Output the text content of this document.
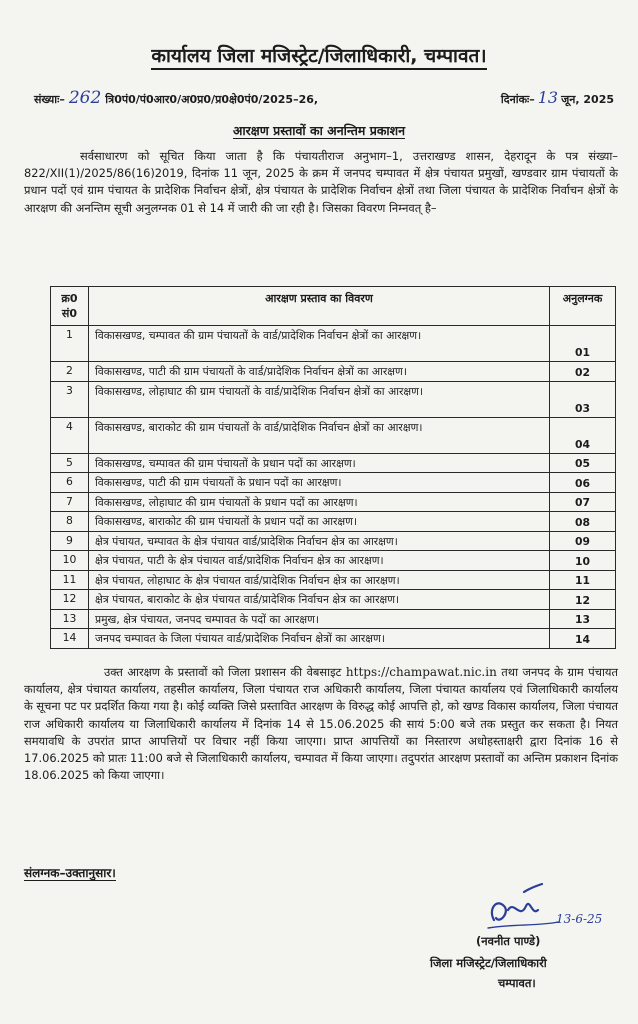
कार्यालय जिला मजिस्ट्रेट/जिलाधिकारी, चम्पावत।
संख्याः– 262 त्रि0पं0/पं0आर0/अ0प्र0/प्र0क्षे0पं0/2025–26,	दिनांकः– 13 जून, 2025
आरक्षण प्रस्तावों का अनन्तिम प्रकाशन

सर्वसाधारण को सूचित किया जाता है कि पंचायतीराज अनुभाग–1, उत्तराखण्ड शासन, देहरादून के पत्र संख्या–822/XII(1)/2025/86(16)2019, दिनांक 11 जून, 2025 के क्रम में जनपद चम्पावत में क्षेत्र पंचायत प्रमुखों, खण्डवार ग्राम पंचायतों के प्रधान पदों एवं ग्राम पंचायत के प्रादेशिक निर्वाचन क्षेत्रों, क्षेत्र पंचायत के प्रादेशिक निर्वाचन क्षेत्रों तथा जिला पंचायत के प्रादेशिक निर्वाचन क्षेत्रों के आरक्षण की अनन्तिम सूची अनुलग्नक 01 से 14 में जारी की जा रही है। जिसका विवरण निम्नवत् है–

क्र0 सं0	आरक्षण प्रस्ताव का विवरण	अनुलग्नक
1	विकासखण्ड, चम्पावत की ग्राम पंचायतों के वार्ड/प्रादेशिक निर्वाचन क्षेत्रों का आरक्षण।	01
2	विकासखण्ड, पाटी की ग्राम पंचायतों के वार्ड/प्रादेशिक निर्वाचन क्षेत्रों का आरक्षण।	02
3	विकासखण्ड, लोहाघाट की ग्राम पंचायतों के वार्ड/प्रादेशिक निर्वाचन क्षेत्रों का आरक्षण।	03
4	विकासखण्ड, बाराकोट की ग्राम पंचायतों के वार्ड/प्रादेशिक निर्वाचन क्षेत्रों का आरक्षण।	04
5	विकासखण्ड, चम्पावत की ग्राम पंचायतों के प्रधान पदों का आरक्षण।	05
6	विकासखण्ड, पाटी की ग्राम पंचायतों के प्रधान पदों का आरक्षण।	06
7	विकासखण्ड, लोहाघाट की ग्राम पंचायतों के प्रधान पदों का आरक्षण।	07
8	विकासखण्ड, बाराकोट की ग्राम पंचायतों के प्रधान पदों का आरक्षण।	08
9	क्षेत्र पंचायत, चम्पावत के क्षेत्र पंचायत वार्ड/प्रादेशिक निर्वाचन क्षेत्र का आरक्षण।	09
10	क्षेत्र पंचायत, पाटी के क्षेत्र पंचायत वार्ड/प्रादेशिक निर्वाचन क्षेत्र का आरक्षण।	10
11	क्षेत्र पंचायत, लोहाघाट के क्षेत्र पंचायत वार्ड/प्रादेशिक निर्वाचन क्षेत्र का आरक्षण।	11
12	क्षेत्र पंचायत, बाराकोट के क्षेत्र पंचायत वार्ड/प्रादेशिक निर्वाचन क्षेत्र का आरक्षण।	12
13	प्रमुख, क्षेत्र पंचायत, जनपद चम्पावत के पदों का आरक्षण।	13
14	जनपद चम्पावत के जिला पंचायत वार्ड/प्रादेशिक निर्वाचन क्षेत्रों का आरक्षण।	14

उक्त आरक्षण के प्रस्तावों को जिला प्रशासन की वेबसाइट https://champawat.nic.in तथा जनपद के ग्राम पंचायत कार्यालय, क्षेत्र पंचायत कार्यालय, तहसील कार्यालय, जिला पंचायत राज अधिकारी कार्यालय, जिला पंचायत कार्यालय एवं जिलाधिकारी कार्यालय के सूचना पट पर प्रदर्शित किया गया है। कोई व्यक्ति जिसे प्रस्तावित आरक्षण के विरुद्ध कोई आपत्ति हो, को खण्ड विकास कार्यालय, जिला पंचायत राज अधिकारी कार्यालय या जिलाधिकारी कार्यालय में दिनांक 14 से 15.06.2025 की सायं 5:00 बजे तक प्रस्तुत कर सकता है। नियत समयावधि के उपरांत प्राप्त आपत्तियों पर विचार नहीं किया जाएगा। प्राप्त आपत्तियों का निस्तारण अधोहस्ताक्षरी द्वारा दिनांक 16 से 17.06.2025 को प्रातः 11:00 बजे से जिलाधिकारी कार्यालय, चम्पावत में किया जाएगा। तदुपरांत आरक्षण प्रस्तावों का अन्तिम प्रकाशन दिनांक 18.06.2025 को किया जाएगा।

संलग्नक–उक्तानुसार।
13-6-25
(नवनीत पाण्डे)
जिला मजिस्ट्रेट/जिलाधिकारी
चम्पावत।
